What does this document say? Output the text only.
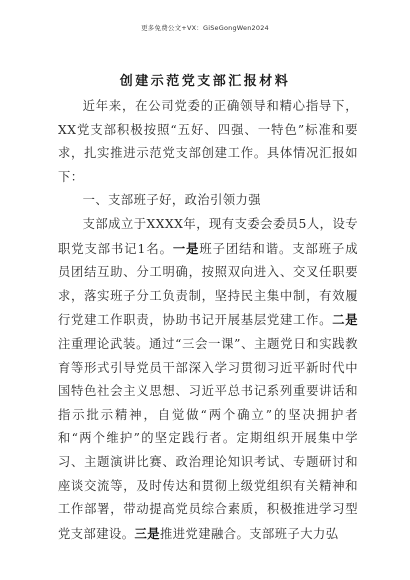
更多免费公文+VX：GiSeGongWen2024
创建示范党支部汇报材料

近年来，在公司党委的正确领导和精心指导下，XX党支部积极按照“五好、四强、一特色”标准和要求，扎实推进示范党支部创建工作。具体情况汇报如下：

一、支部班子好，政治引领力强

支部成立于XXXX年，现有支委会委员5人，设专职党支部书记1名。一是班子团结和谐。支部班子成员团结互助、分工明确，按照双向进入、交叉任职要求，落实班子分工负责制，坚持民主集中制，有效履行党建工作职责，协助书记开展基层党建工作。二是注重理论武装。通过“三会一课”、主题党日和实践教育等形式引导党员干部深入学习贯彻习近平新时代中国特色社会主义思想、习近平总书记系列重要讲话和指示批示精神，自觉做“两个确立”的坚决拥护者和“两个维护”的坚定践行者。定期组织开展集中学习、主题演讲比赛、政治理论知识考试、专题研讨和座谈交流等，及时传达和贯彻上级党组织有关精神和工作部署，带动提高党员综合素质，积极推进学习型党支部建设。三是推进党建融合。支部班子大力弘
